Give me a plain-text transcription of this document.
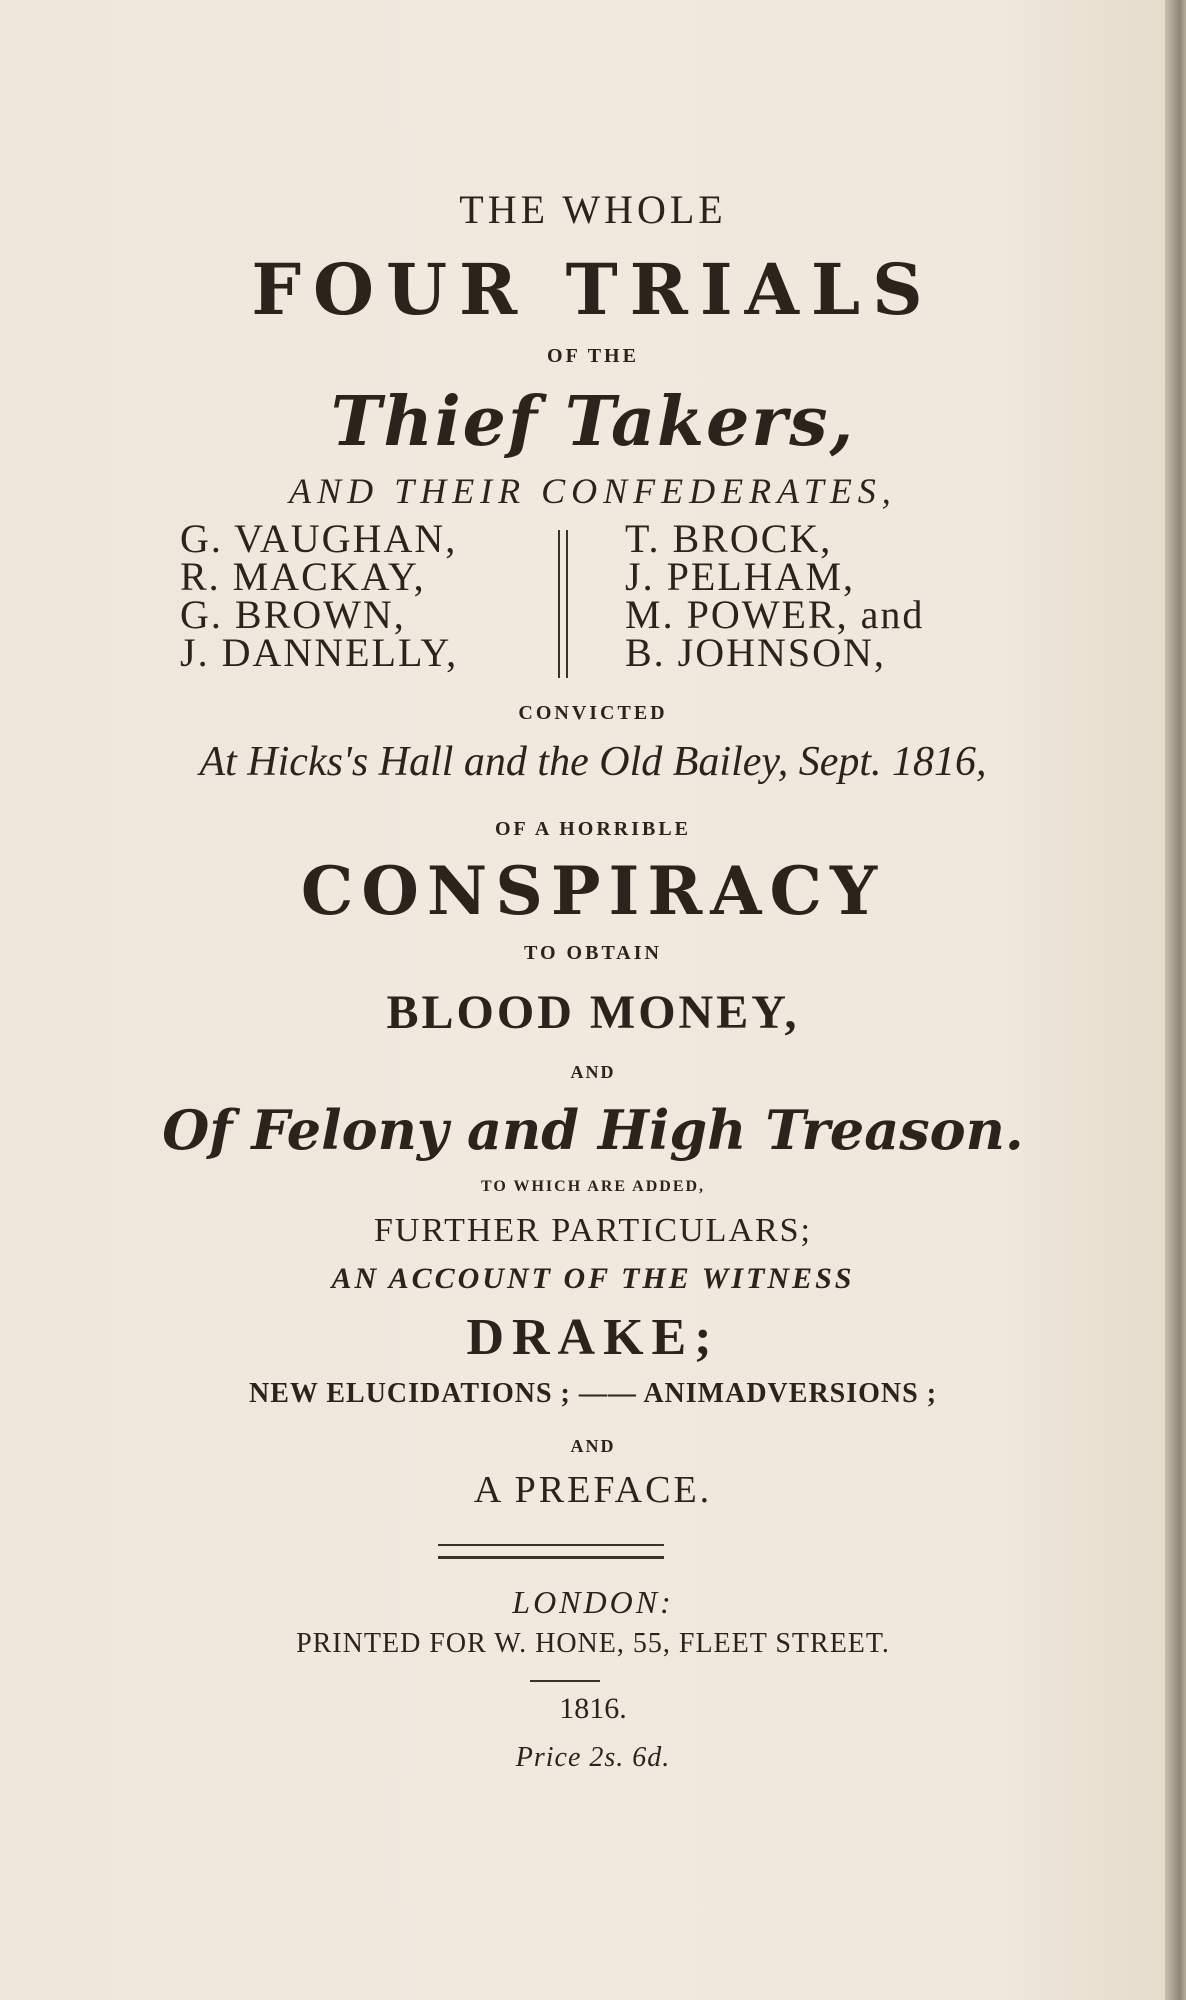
THE WHOLE
FOUR TRIALS
OF THE
Thief Takers,
AND THEIR CONFEDERATES,
G. VAUGHAN,
R. MACKAY,
G. BROWN,
J. DANNELLY,
T. BROCK,
J. PELHAM,
M. POWER, and
B. JOHNSON,
CONVICTED
At Hicks's Hall and the Old Bailey, Sept. 1816,
OF A HORRIBLE
CONSPIRACY
TO OBTAIN
BLOOD MONEY,
AND
Of Felony and High Treason.
TO WHICH ARE ADDED,
FURTHER PARTICULARS;
AN ACCOUNT OF THE WITNESS
DRAKE;
NEW ELUCIDATIONS ; —— ANIMADVERSIONS ;
AND
A PREFACE.
LONDON:
PRINTED FOR W. HONE, 55, FLEET STREET.
1816.
Price 2s. 6d.
